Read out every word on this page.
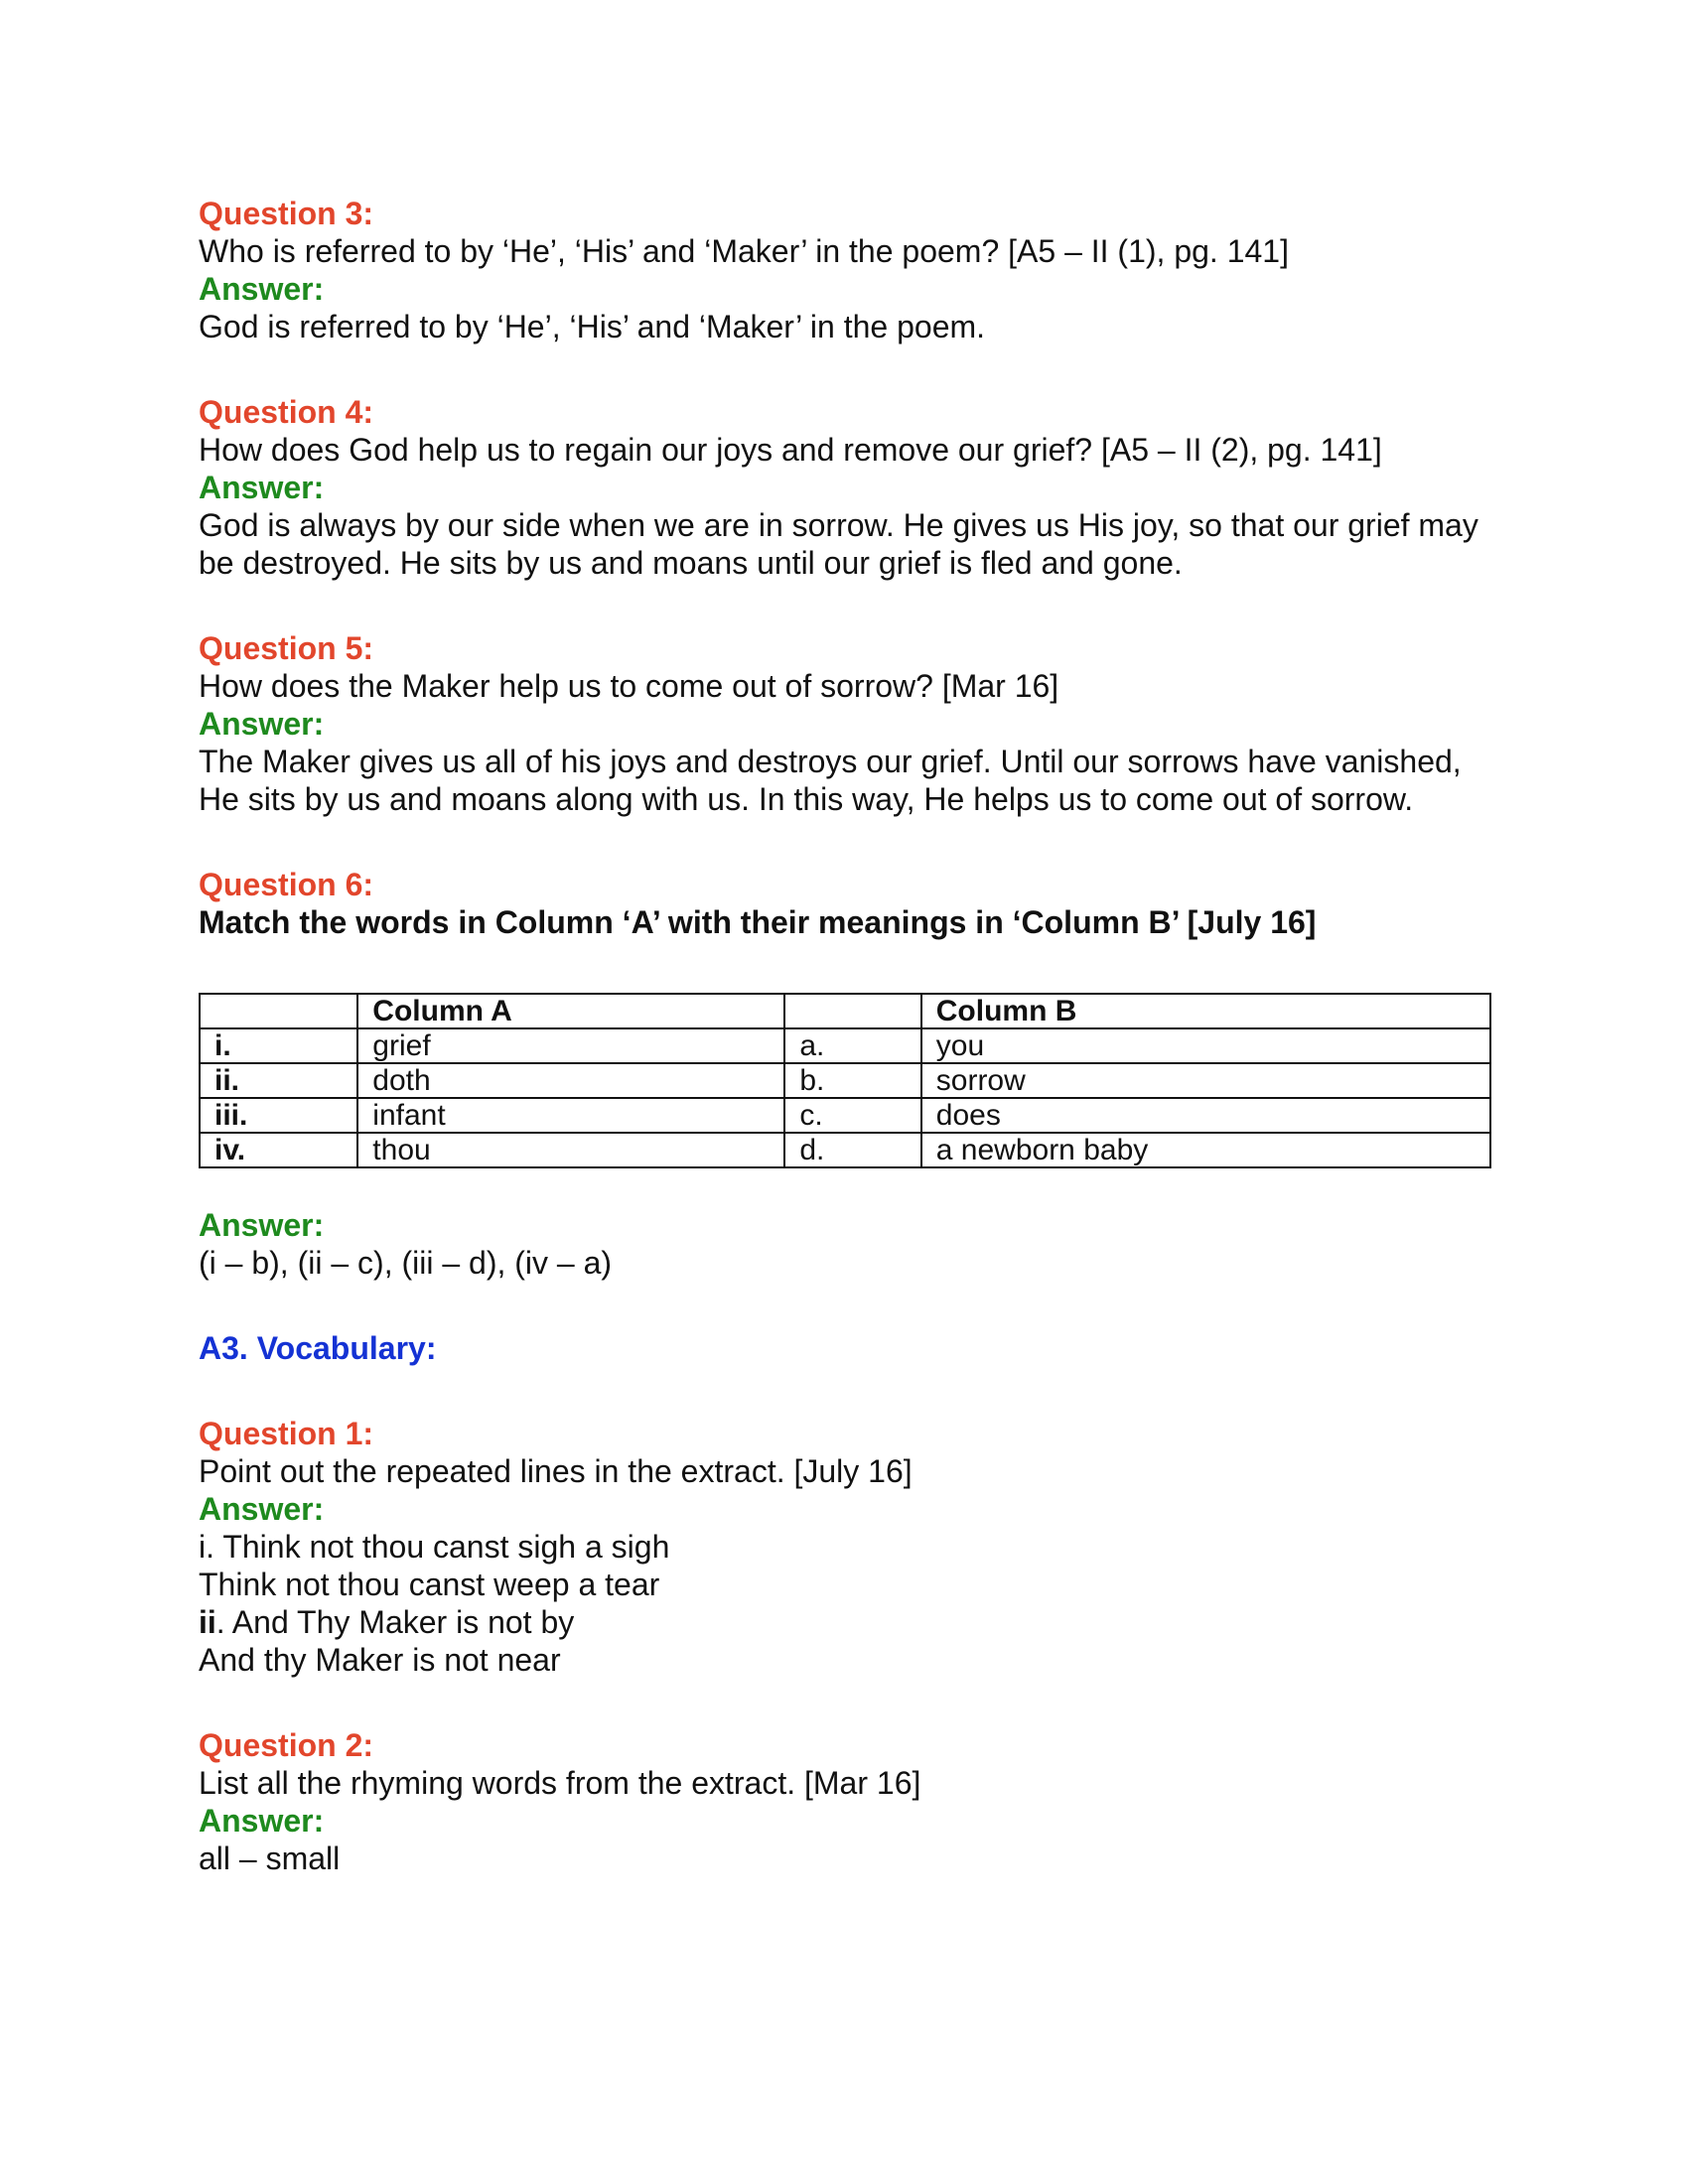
Question 3:

Who is referred to by ‘He’, ‘His’ and ‘Maker’ in the poem? [A5 – II (1), pg. 141]

Answer:

God is referred to by ‘He’, ‘His’ and ‘Maker’ in the poem.

Question 4:

How does God help us to regain our joys and remove our grief? [A5 – II (2), pg. 141]

Answer:

God is always by our side when we are in sorrow. He gives us His joy, so that our grief may be destroyed. He sits by us and moans until our grief is fled and gone.

Question 5:

How does the Maker help us to come out of sorrow? [Mar 16]

Answer:

The Maker gives us all of his joys and destroys our grief. Until our sorrows have vanished, He sits by us and moans along with us. In this way, He helps us to come out of sorrow.

Question 6:

Match the words in Column ‘A’ with their meanings in ‘Column B’ [July 16]

	Column A		Column B
i.	grief	a.	you
ii.	doth	b.	sorrow
iii.	infant	c.	does
iv.	thou	d.	a newborn baby

Answer:

(i – b), (ii – c), (iii – d), (iv – a)

A3. Vocabulary:

Question 1:

Point out the repeated lines in the extract. [July 16]

Answer:

i. Think not thou canst sigh a sigh

Think not thou canst weep a tear

ii. And Thy Maker is not by

And thy Maker is not near

Question 2:

List all the rhyming words from the extract. [Mar 16]

Answer:

all – small
